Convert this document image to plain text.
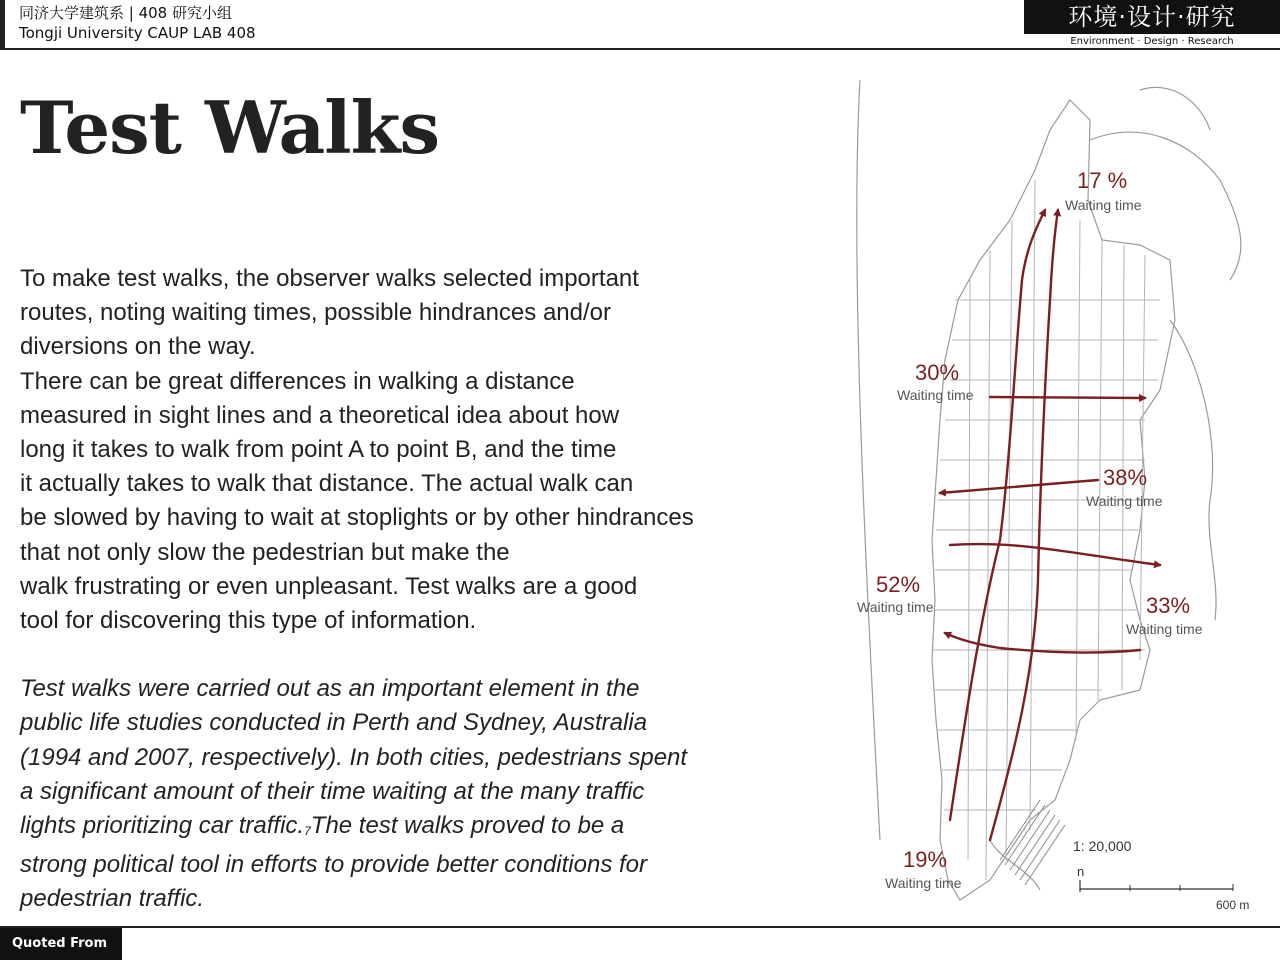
同济大学建筑系 | 408 研究小组
Tongji University CAUP LAB 408
环境·设计·研究
Environment · Design · Research
Test Walks

To make test walks, the observer walks selected important
routes, noting waiting times, possible hindrances and/or
diversions on the way.
There can be great differences in walking a distance
measured in sight lines and a theoretical idea about how
long it takes to walk from point A to point B, and the time
it actually takes to walk that distance. The actual walk can
be slowed by having to wait at stoplights or by other hindrances
that not only slow the pedestrian but make the
walk frustrating or even unpleasant. Test walks are a good
tool for discovering this type of information.

Test walks were carried out as an important element in the
public life studies conducted in Perth and Sydney, Australia
(1994 and 2007, respectively). In both cities, pedestrians spent
a significant amount of their time waiting at the many traffic
lights prioritizing car traffic.7The test walks proved to be a
strong political tool in efforts to provide better conditions for
pedestrian traffic.

17 %
Waiting time
30%
Waiting time
38%
Waiting time
52%
Waiting time	33%
Waiting time
19%
Waiting time
1: 20,000
n
600 m
Quoted From
